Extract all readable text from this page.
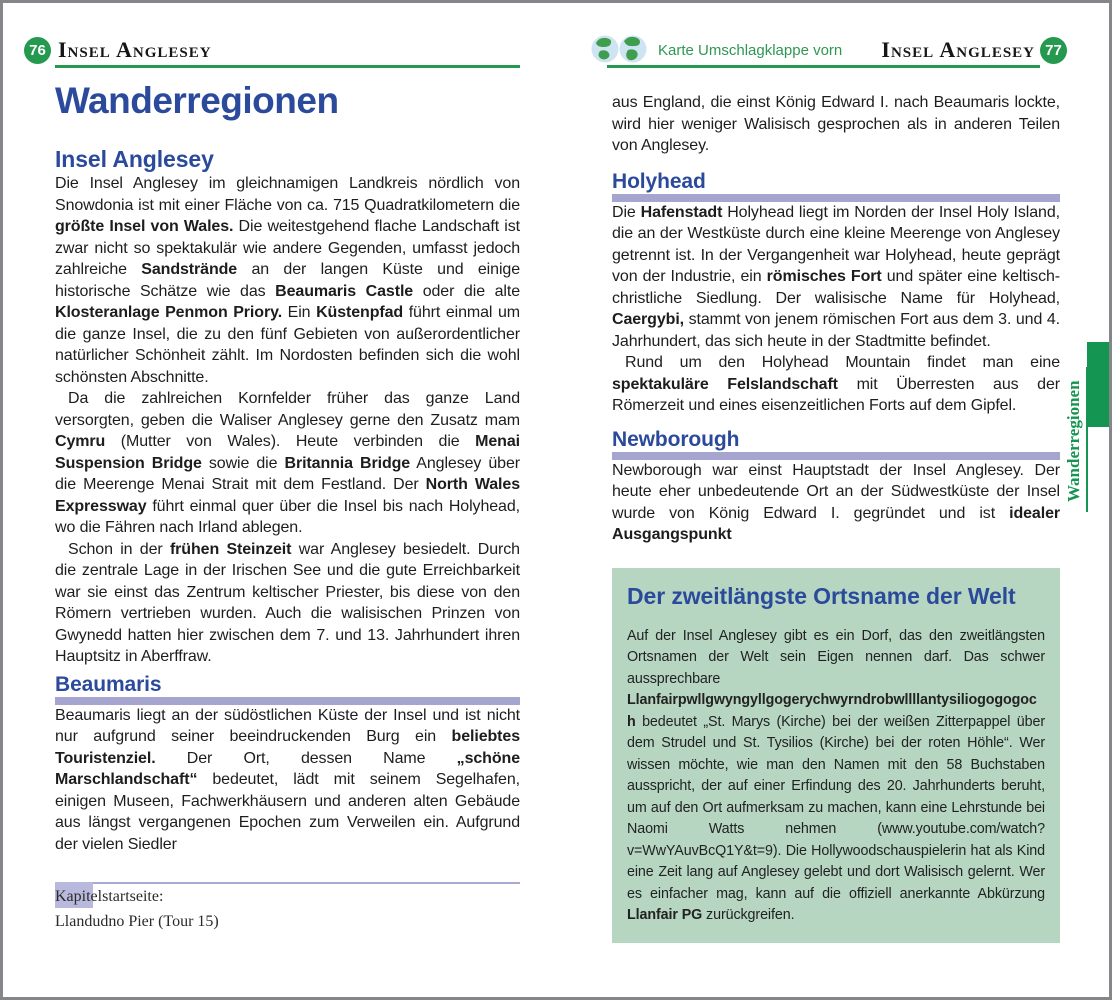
76 Insel Anglesey	Karte Umschlagklappe vorn Insel Anglesey 77
Wanderregionen
Insel Anglesey

Die Insel Anglesey im gleichnamigen Landkreis nördlich von Snowdonia ist mit einer Fläche von ca. 715 Quadratkilometern die größte Insel von Wales. Die weitestgehend flache Landschaft ist zwar nicht so spektakulär wie andere Gegenden, umfasst jedoch zahlreiche Sandstrände an der langen Küste und einige historische Schätze wie das Beaumaris Castle oder die alte Klosteranlage Penmon Priory. Ein Küstenpfad führt einmal um die ganze Insel, die zu den fünf Gebieten von außerordentlicher natürlicher Schönheit zählt. Im Nordosten befinden sich die wohl schönsten Abschnitte.

Da die zahlreichen Kornfelder früher das ganze Land versorgten, geben die Waliser Anglesey gerne den Zusatz mam Cymru (Mutter von Wales). Heute verbinden die Menai Suspension Bridge sowie die Britannia Bridge Anglesey über die Meerenge Menai Strait mit dem Festland. Der North Wales Expressway führt einmal quer über die Insel bis nach Holyhead, wo die Fähren nach Irland ablegen.

Schon in der frühen Steinzeit war Anglesey besiedelt. Durch die zentrale Lage in der Irischen See und die gute Erreichbarkeit war sie einst das Zentrum keltischer Priester, bis diese von den Römern vertrieben wurden. Auch die walisischen Prinzen von Gwynedd hatten hier zwischen dem 7. und 13. Jahrhundert ihren Hauptsitz in Aberffraw.

Beaumaris

Beaumaris liegt an der südöstlichen Küste der Insel und ist nicht nur aufgrund seiner beeindruckenden Burg ein beliebtes Touristenziel. Der Ort, dessen Name „schöne Marschlandschaft“ bedeutet, lädt mit seinem Segelhafen, einigen Museen, Fachwerkhäusern und anderen alten Gebäude aus längst vergangenen Epochen zum Verweilen ein. Aufgrund der vielen Siedler

Kapitelstartseite:
Llandudno Pier (Tour 15)

aus England, die einst König Edward I. nach Beaumaris lockte, wird hier weniger Walisisch gesprochen als in anderen Teilen von Anglesey.

Holyhead

Die Hafenstadt Holyhead liegt im Norden der Insel Holy Island, die an der Westküste durch eine kleine Meerenge von Anglesey getrennt ist. In der Vergangenheit war Holyhead, heute geprägt von der Industrie, ein römisches Fort und später eine keltisch-christliche Siedlung. Der walisische Name für Holyhead, Caergybi, stammt von jenem römischen Fort aus dem 3. und 4. Jahrhundert, das sich heute in der Stadtmitte befindet.

Rund um den Holyhead Mountain findet man eine spektakuläre Felslandschaft mit Überresten aus der Römerzeit und eines eisenzeitlichen Forts auf dem Gipfel.

Newborough

Newborough war einst Hauptstadt der Insel Anglesey. Der heute eher unbedeutende Ort an der Südwestküste der Insel wurde von König Edward I. gegründet und ist idealer Ausgangspunkt

Der zweitlängste Ortsname der Welt
Auf der Insel Anglesey gibt es ein Dorf, das den zweitlängsten Ortsnamen der Welt sein Eigen nennen darf. Das schwer aussprechbare Llanfairpwllgwyngyllgogerychwyrndrobwllllantysiliogogogoch bedeutet „St. Marys (Kirche) bei der weißen Zitterpappel über dem Strudel und St. Tysilios (Kirche) bei der roten Höhle“. Wer wissen möchte, wie man den Namen mit den 58 Buchstaben ausspricht, der auf einer Erfindung des 20. Jahrhunderts beruht, um auf den Ort aufmerksam zu machen, kann eine Lehrstunde bei Naomi Watts nehmen (www.youtube.com/watch?v=WwYAuvBcQ1Y&t=9). Die Hollywoodschauspielerin hat als Kind eine Zeit lang auf Anglesey gelebt und dort Walisisch gelernt. Wer es einfacher mag, kann auf die offiziell anerkannte Abkürzung Llanfair PG zurückgreifen.
Wanderregionen
